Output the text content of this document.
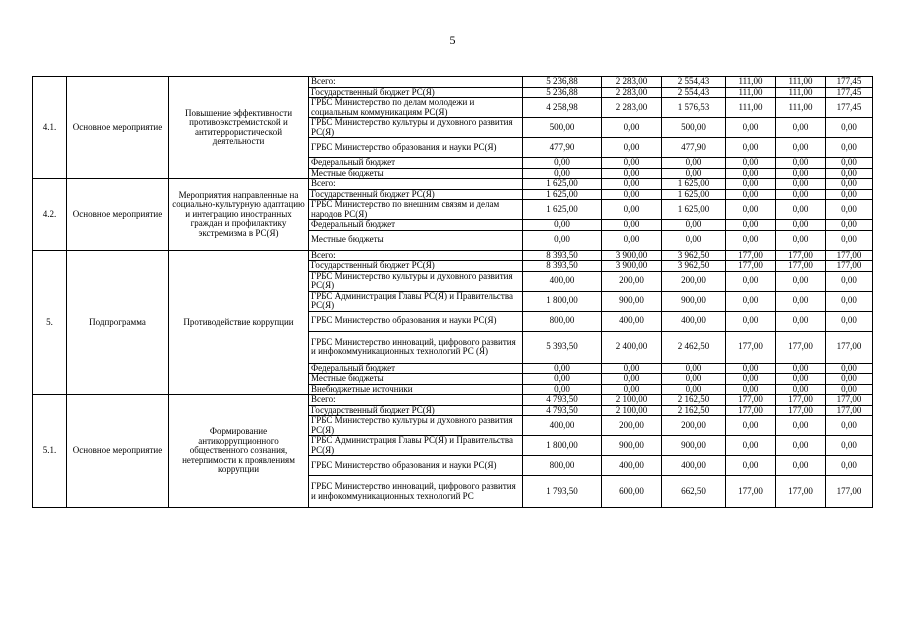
5
4.1.	Основное мероприятие	Повышение эффективности противоэкстремистской и антитеррористической деятельности	Всего:	5 236,88	2 283,00	2 554,43	111,00	111,00	177,45
			Государственный бюджет РС(Я)	5 236,88	2 283,00	2 554,43	111,00	111,00	177,45
			ГРБС Министерство по делам молодежи и социальным коммуникациям РС(Я)	4 258,98	2 283,00	1 576,53	111,00	111,00	177,45
			ГРБС Министерство культуры и духовного развития РС(Я)	500,00	0,00	500,00	0,00	0,00	0,00
			ГРБС Министерство образования и науки РС(Я)	477,90	0,00	477,90	0,00	0,00	0,00
			Федеральный бюджет	0,00	0,00	0,00	0,00	0,00	0,00
			Местные бюджеты	0,00	0,00	0,00	0,00	0,00	0,00
4.2.	Основное мероприятие	Мероприятия направленные на социально-культурную адаптацию и интеграцию иностранных граждан и профилактику экстремизма в РС(Я)	Всего:	1 625,00	0,00	1 625,00	0,00	0,00	0,00
			Государственный бюджет РС(Я)	1 625,00	0,00	1 625,00	0,00	0,00	0,00
			ГРБС Министерство по внешним связям и делам народов РС(Я)	1 625,00	0,00	1 625,00	0,00	0,00	0,00
			Федеральный бюджет	0,00	0,00	0,00	0,00	0,00	0,00
			Местные бюджеты	0,00	0,00	0,00	0,00	0,00	0,00
5.	Подпрограмма	Противодействие коррупции	Всего:	8 393,50	3 900,00	3 962,50	177,00	177,00	177,00
			Государственный бюджет РС(Я)	8 393,50	3 900,00	3 962,50	177,00	177,00	177,00
			ГРБС Министерство культуры и духовного развития РС(Я)	400,00	200,00	200,00	0,00	0,00	0,00
			ГРБС Администрация Главы РС(Я) и Правительства РС(Я)	1 800,00	900,00	900,00	0,00	0,00	0,00
			ГРБС Министерство образования и науки РС(Я)	800,00	400,00	400,00	0,00	0,00	0,00
			ГРБС Министерство инноваций, цифрового развития и инфокоммуникационных технологий РС (Я)	5 393,50	2 400,00	2 462,50	177,00	177,00	177,00
			Федеральный бюджет	0,00	0,00	0,00	0,00	0,00	0,00
			Местные бюджеты	0,00	0,00	0,00	0,00	0,00	0,00
			Внебюджетные источники	0,00	0,00	0,00	0,00	0,00	0,00
5.1.	Основное мероприятие	Формирование антикоррупционного общественного сознания, нетерпимости к проявлениям коррупции	Всего:	4 793,50	2 100,00	2 162,50	177,00	177,00	177,00
			Государственный бюджет РС(Я)	4 793,50	2 100,00	2 162,50	177,00	177,00	177,00
			ГРБС Министерство культуры и духовного развития РС(Я)	400,00	200,00	200,00	0,00	0,00	0,00
			ГРБС Администрация Главы РС(Я) и Правительства РС(Я)	1 800,00	900,00	900,00	0,00	0,00	0,00
			ГРБС Министерство образования и науки РС(Я)	800,00	400,00	400,00	0,00	0,00	0,00
			ГРБС Министерство инноваций, цифрового развития и инфокоммуникационных технологий РС	1 793,50	600,00	662,50	177,00	177,00	177,00
